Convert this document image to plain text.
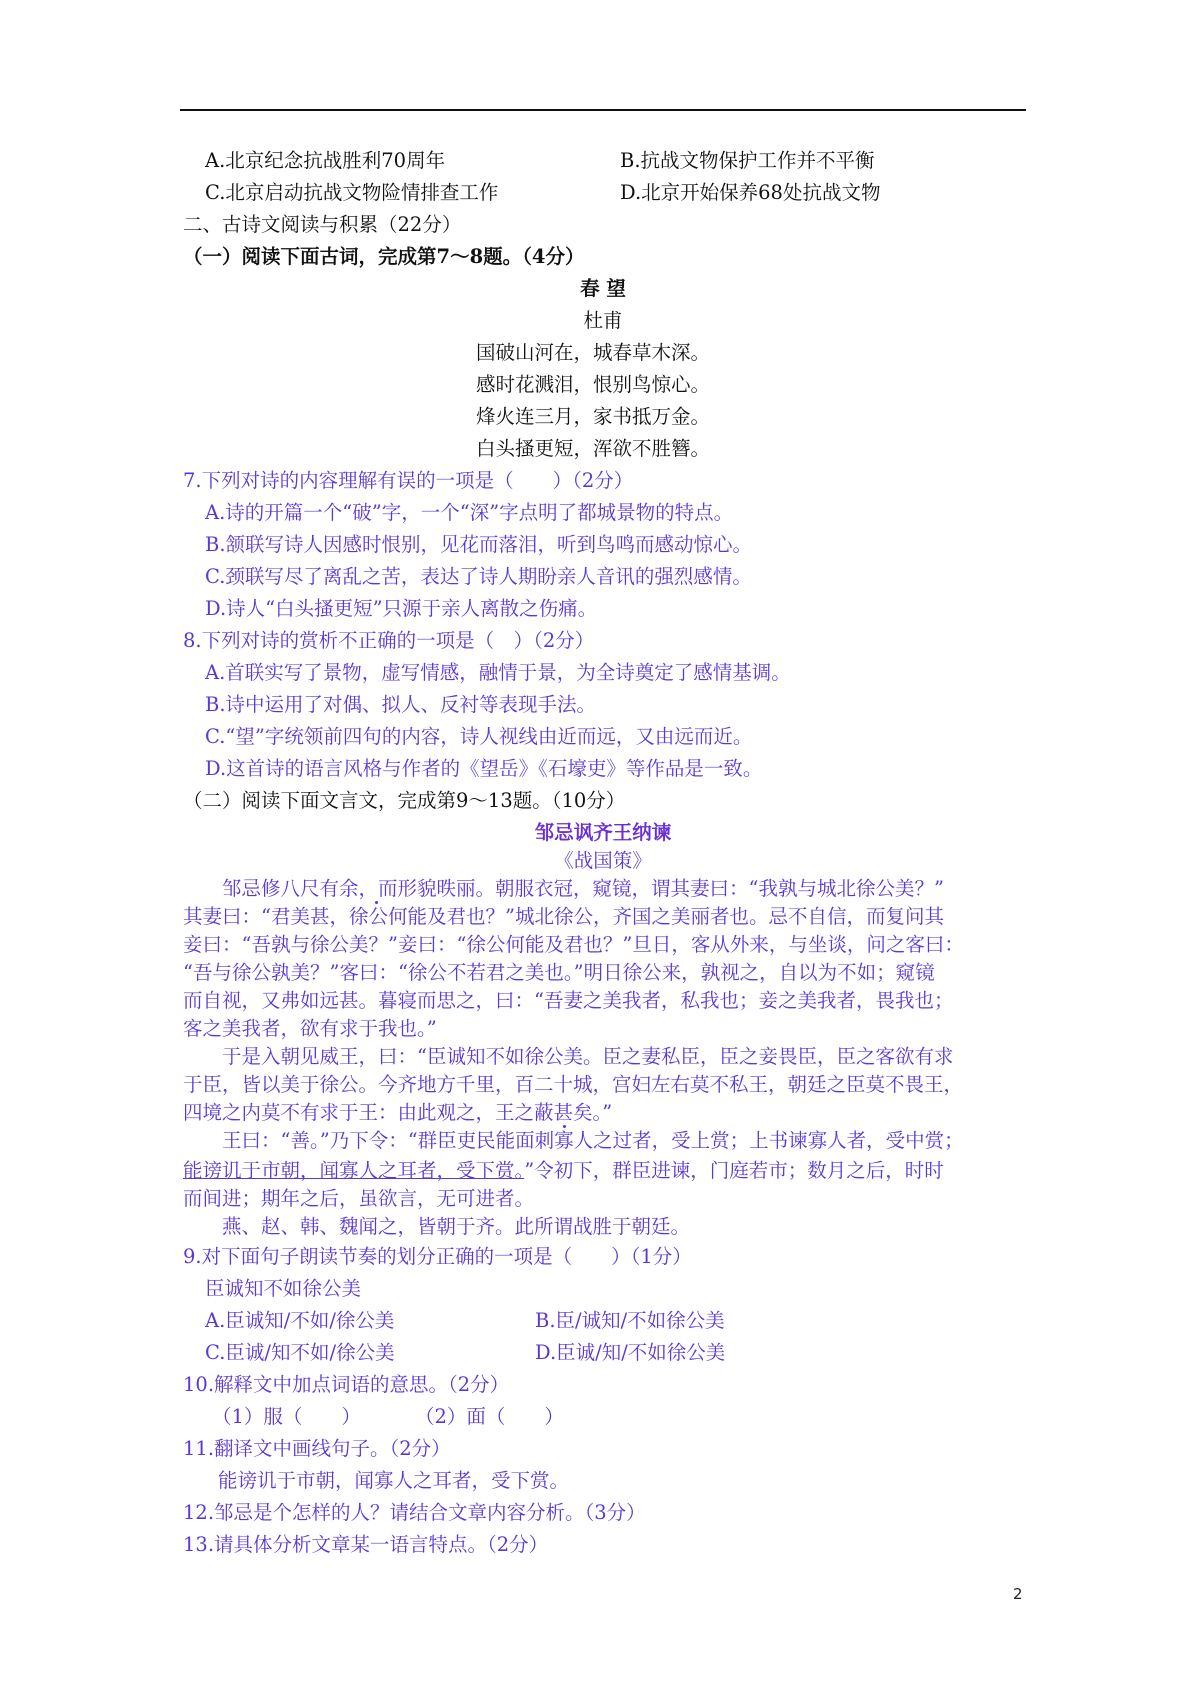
A.北京纪念抗战胜利70周年	B.抗战文物保护工作并不平衡
C.北京启动抗战文物险情排查工作	D.北京开始保养68处抗战文物
二、古诗文阅读与积累（22分）
（一）阅读下面古词，完成第7～8题。（4分）
春 望
杜甫
国破山河在，城春草木深。
感时花溅泪，恨别鸟惊心。
烽火连三月，家书抵万金。
白头搔更短，浑欲不胜簪。
7.下列对诗的内容理解有误的一项是（　　）（2分）
A.诗的开篇一个“破”字，一个“深”字点明了都城景物的特点。
B.颔联写诗人因感时恨别，见花而落泪，听到鸟鸣而感动惊心。
C.颈联写尽了离乱之苦，表达了诗人期盼亲人音讯的强烈感情。
D.诗人“白头搔更短”只源于亲人离散之伤痛。
8.下列对诗的赏析不正确的一项是（　）（2分）
A.首联实写了景物，虚写情感，融情于景，为全诗奠定了感情基调。
B.诗中运用了对偶、拟人、反衬等表现手法。
C.“望”字统领前四句的内容，诗人视线由近而远，又由远而近。
D.这首诗的语言风格与作者的《望岳》《石壕吏》等作品是一致。
（二）阅读下面文言文，完成第9～13题。（10分）
邹忌讽齐王纳谏
《战国策》
　　邹忌修八尺有余，而形貌昳丽。朝服衣冠，窥镜，谓其妻曰：“我孰与城北徐公美？”
其妻曰：“君美甚，徐公何能及君也？”城北徐公，齐国之美丽者也。忌不自信，而复问其
妾曰：“吾孰与徐公美？”妾曰：“徐公何能及君也？”旦日，客从外来，与坐谈，问之客曰：
“吾与徐公孰美？”客曰：“徐公不若君之美也。”明日徐公来，孰视之，自以为不如；窥镜
而自视，又弗如远甚。暮寝而思之，曰：“吾妻之美我者，私我也；妾之美我者，畏我也；
客之美我者，欲有求于我也。”
　　于是入朝见威王，曰：“臣诚知不如徐公美。臣之妻私臣，臣之妾畏臣，臣之客欲有求
于臣，皆以美于徐公。今齐地方千里，百二十城，宫妇左右莫不私王，朝廷之臣莫不畏王，
四境之内莫不有求于王：由此观之，王之蔽甚矣。”
　　王曰：“善。”乃下令：“群臣吏民能面刺寡人之过者，受上赏；上书谏寡人者，受中赏；
能谤讥于市朝，闻寡人之耳者，受下赏。”令初下，群臣进谏，门庭若市；数月之后，时时
而间进；期年之后，虽欲言，无可进者。
　　燕、赵、韩、魏闻之，皆朝于齐。此所谓战胜于朝廷。
9.对下面句子朗读节奏的划分正确的一项是（　　）（1分）
臣诚知不如徐公美
A.臣诚知/不如/徐公美	B.臣/诚知/不如徐公美
C.臣诚/知不如/徐公美	D.臣诚/知/不如徐公美
10.解释文中加点词语的意思。（2分）
（1）服（　　）	（2）面（　　）
11.翻译文中画线句子。（2分）
能谤讥于市朝，闻寡人之耳者，受下赏。
12.邹忌是个怎样的人？请结合文章内容分析。（3分）
13.请具体分析文章某一语言特点。（2分）
2
